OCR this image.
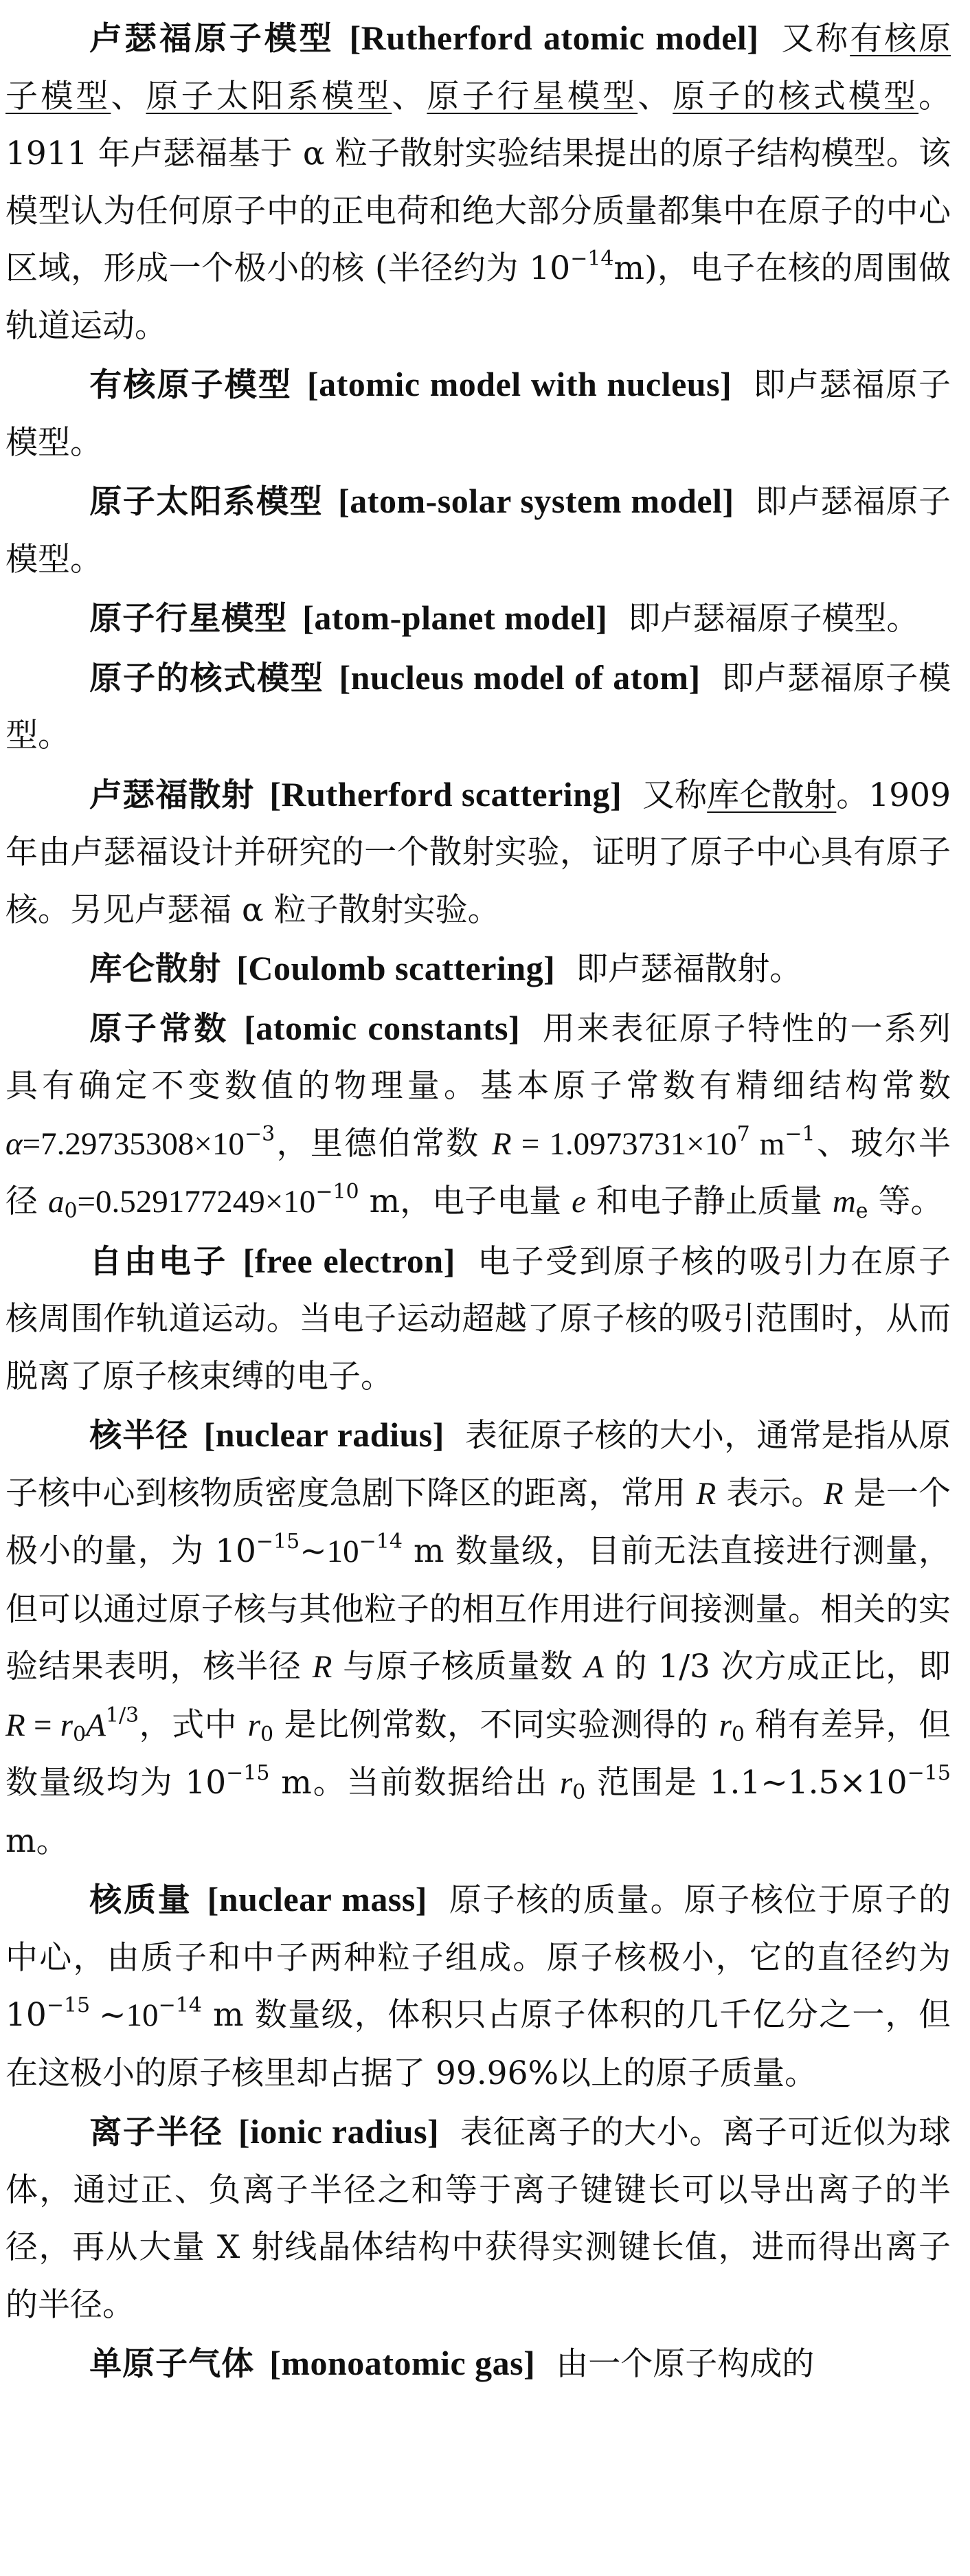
卢瑟福原子模型 [Rutherford atomic model] 又称有核原子模型、原子太阳系模型、原子行星模型、原子的核式模型。1911 年卢瑟福基于 α 粒子散射实验结果提出的原子结构模型。该模型认为任何原子中的正电荷和绝大部分质量都集中在原子的中心区域，形成一个极小的核 (半径约为 $10^{-14}m$)，电子在核的周围做轨道运动。

有核原子模型 [atomic model with nucleus] 即卢瑟福原子模型。

原子太阳系模型 [atom-solar system model] 即卢瑟福原子模型。

原子行星模型 [atom-planet model] 即卢瑟福原子模型。

原子的核式模型 [nucleus model of atom] 即卢瑟福原子模型。

卢瑟福散射 [Rutherford scattering] 又称库仑散射。1909 年由卢瑟福设计并研究的一个散射实验，证明了原子中心具有原子核。另见卢瑟福 α 粒子散射实验。

库仑散射 [Coulomb scattering] 即卢瑟福散射。

原子常数 [atomic constants] 用来表征原子特性的一系列具有确定不变数值的物理量。基本原子常数有精细结构常数 $\alpha=7.29735308\times 10^{-3}$，里德伯常数 $R = 1.0973731\times 10^7$ $m^{-1}$、玻尔半径 $a_0=0.529177249\times 10^{-10}$ m，电子电量 e 和电子静止质量 $m_e$ 等。

自由电子 [free electron] 电子受到原子核的吸引力在原子核周围作轨道运动。当电子运动超越了原子核的吸引范围时，从而脱离了原子核束缚的电子。

核半径 [nuclear radius] 表征原子核的大小，通常是指从原子核中心到核物质密度急剧下降区的距离，常用 R 表示。R 是一个极小的量，为 $10^{-15}\sim 10^{-14}$ m 数量级，目前无法直接进行测量，但可以通过原子核与其他粒子的相互作用进行间接测量。相关的实验结果表明，核半径 R 与原子核质量数 A 的 1/3 次方成正比，即 $R = r_0A^{1/3}$，式中 $r_0$ 是比例常数，不同实验测得的 $r_0$ 稍有差异，但数量级均为 $10^{-15}$ m。当前数据给出 $r_0$ 范围是 $1.1\sim 1.5\times 10^{-15}$ m。

核质量 [nuclear mass] 原子核的质量。原子核位于原子的中心，由质子和中子两种粒子组成。原子核极小，它的直径约为 $10^{-15}$ $\sim 10^{-14}$ m 数量级，体积只占原子体积的几千亿分之一，但在这极小的原子核里却占据了 99.96%以上的原子质量。

离子半径 [ionic radius] 表征离子的大小。离子可近似为球体，通过正、负离子半径之和等于离子键键长可以导出离子的半径，再从大量 X 射线晶体结构中获得实测键长值，进而得出离子的半径。

单原子气体 [monoatomic gas] 由一个原子构成的
